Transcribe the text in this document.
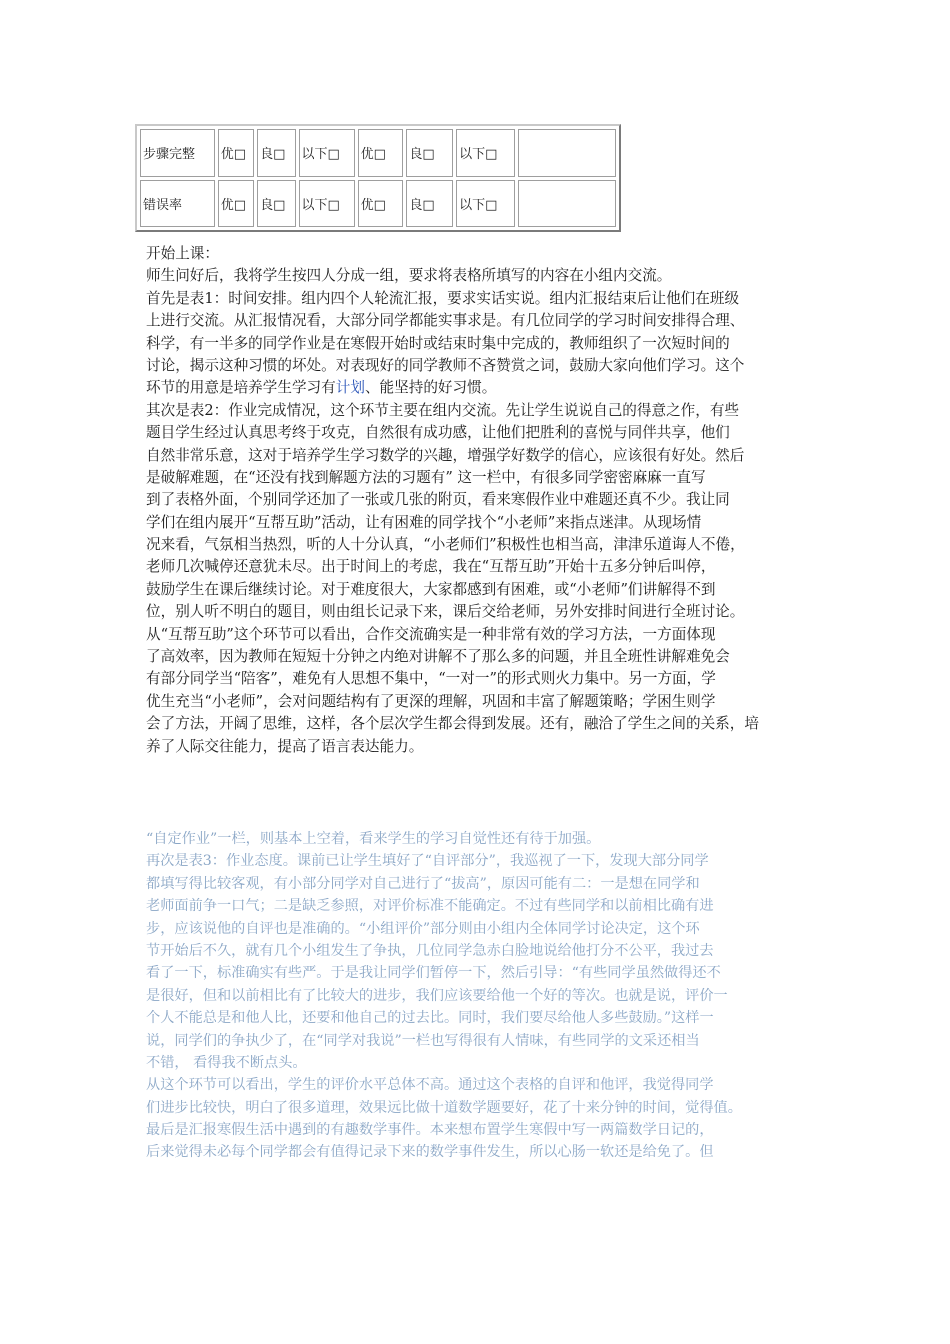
步骤完整	优□	良□	以下□	优□	良□	以下□	
错误率	优□	良□	以下□	优□	良□	以下□	
开始上课：
师生问好后，我将学生按四人分成一组，要求将表格所填写的内容在小组内交流。
首先是表1：时间安排。组内四个人轮流汇报，要求实话实说。组内汇报结束后让他们在班级
上进行交流。从汇报情况看，大部分同学都能实事求是。有几位同学的学习时间安排得合理、
科学，有一半多的同学作业是在寒假开始时或结束时集中完成的，教师组织了一次短时间的
讨论，揭示这种习惯的坏处。对表现好的同学教师不吝赞赏之词，鼓励大家向他们学习。这个
环节的用意是培养学生学习有计划、能坚持的好习惯。
其次是表2：作业完成情况，这个环节主要在组内交流。先让学生说说自己的得意之作，有些
题目学生经过认真思考终于攻克，自然很有成功感，让他们把胜利的喜悦与同伴共享，他们
自然非常乐意，这对于培养学生学习数学的兴趣，增强学好数学的信心，应该很有好处。然后
是破解难题，在“还没有找到解题方法的习题有” 这一栏中，有很多同学密密麻麻一直写
到了表格外面，个别同学还加了一张或几张的附页，看来寒假作业中难题还真不少。我让同
学们在组内展开“互帮互助”活动，让有困难的同学找个“小老师”来指点迷津。从现场情
况来看，气氛相当热烈，听的人十分认真，“小老师们”积极性也相当高，津津乐道诲人不倦，
老师几次喊停还意犹未尽。出于时间上的考虑，我在“互帮互助”开始十五多分钟后叫停，
鼓励学生在课后继续讨论。对于难度很大，大家都感到有困难，或“小老师”们讲解得不到
位，别人听不明白的题目，则由组长记录下来，课后交给老师，另外安排时间进行全班讨论。
从“互帮互助”这个环节可以看出，合作交流确实是一种非常有效的学习方法，一方面体现
了高效率，因为教师在短短十分钟之内绝对讲解不了那么多的问题，并且全班性讲解难免会
有部分同学当“陪客”，难免有人思想不集中，“一对一”的形式则火力集中。另一方面，学
优生充当“小老师”，会对问题结构有了更深的理解，巩固和丰富了解题策略；学困生则学
会了方法，开阔了思维，这样，各个层次学生都会得到发展。还有，融洽了学生之间的关系，培
养了人际交往能力，提高了语言表达能力。
“自定作业”一栏，则基本上空着，看来学生的学习自觉性还有待于加强。
再次是表3：作业态度。课前已让学生填好了“自评部分”，我巡视了一下，发现大部分同学
都填写得比较客观，有小部分同学对自己进行了“拔高”，原因可能有二：一是想在同学和
老师面前争一口气；二是缺乏参照，对评价标准不能确定。不过有些同学和以前相比确有进
步，应该说他的自评也是准确的。“小组评价”部分则由小组内全体同学讨论决定，这个环
节开始后不久，就有几个小组发生了争执，几位同学急赤白脸地说给他打分不公平，我过去
看了一下，标准确实有些严。于是我让同学们暂停一下，然后引导：“有些同学虽然做得还不
是很好，但和以前相比有了比较大的进步，我们应该要给他一个好的等次。也就是说，评价一
个人不能总是和他人比，还要和他自己的过去比。同时，我们要尽给他人多些鼓励。”这样一
说，同学们的争执少了，在“同学对我说”一栏也写得很有人情味，有些同学的文采还相当
不错， 看得我不断点头。
从这个环节可以看出，学生的评价水平总体不高。通过这个表格的自评和他评，我觉得同学
们进步比较快，明白了很多道理，效果远比做十道数学题要好，花了十来分钟的时间，觉得值。
最后是汇报寒假生活中遇到的有趣数学事件。本来想布置学生寒假中写一两篇数学日记的，
后来觉得未必每个同学都会有值得记录下来的数学事件发生，所以心肠一软还是给免了。但
